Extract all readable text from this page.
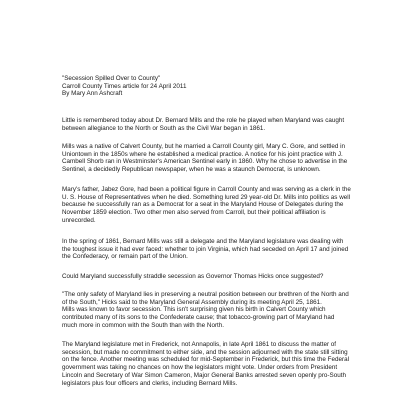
"Secession Spilled Over to County"

Carroll County Times article for 24 April 2011

By Mary Ann Ashcraft

Little is remembered today about Dr. Bernard Mills and the role he played when Maryland was caught
between allegiance to the North or South as the Civil War began in 1861.
Mills was a native of Calvert County, but he married a Carroll County girl, Mary C. Gore, and settled in
Uniontown in the 1850s where he established a medical practice. A notice for his joint practice with J.
Cambell Shorb ran in Westminster's American Sentinel early in 1860. Why he chose to advertise in the
Sentinel, a decidedly Republican newspaper, when he was a staunch Democrat, is unknown.
Mary's father, Jabez Gore, had been a political figure in Carroll County and was serving as a clerk in the
U. S. House of Representatives when he died. Something lured 29 year-old Dr. Mills into politics as well
because he successfully ran as a Democrat for a seat in the Maryland House of Delegates during the
November 1859 election. Two other men also served from Carroll, but their political affiliation is
unrecorded.
In the spring of 1861, Bernard Mills was still a delegate and the Maryland legislature was dealing with
the toughest issue it had ever faced: whether to join Virginia, which had seceded on April 17 and joined
the Confederacy, or remain part of the Union.
Could Maryland successfully straddle secession as Governor Thomas Hicks once suggested?
"The only safety of Maryland lies in preserving a neutral position between our brethren of the North and
of the South," Hicks said to the Maryland General Assembly during its meeting April 25, 1861.
Mills was known to favor secession. This isn't surprising given his birth in Calvert County which
contributed many of its sons to the Confederate cause; that tobacco-growing part of Maryland had
much more in common with the South than with the North.
The Maryland legislature met in Frederick, not Annapolis, in late April 1861 to discuss the matter of
secession, but made no commitment to either side, and the session adjourned with the state still sitting
on the fence. Another meeting was scheduled for mid-September in Frederick, but this time the Federal
government was taking no chances on how the legislators might vote. Under orders from President
Lincoln and Secretary of War Simon Cameron, Major General Banks arrested seven openly pro-South
legislators plus four officers and clerks, including Bernard Mills.
